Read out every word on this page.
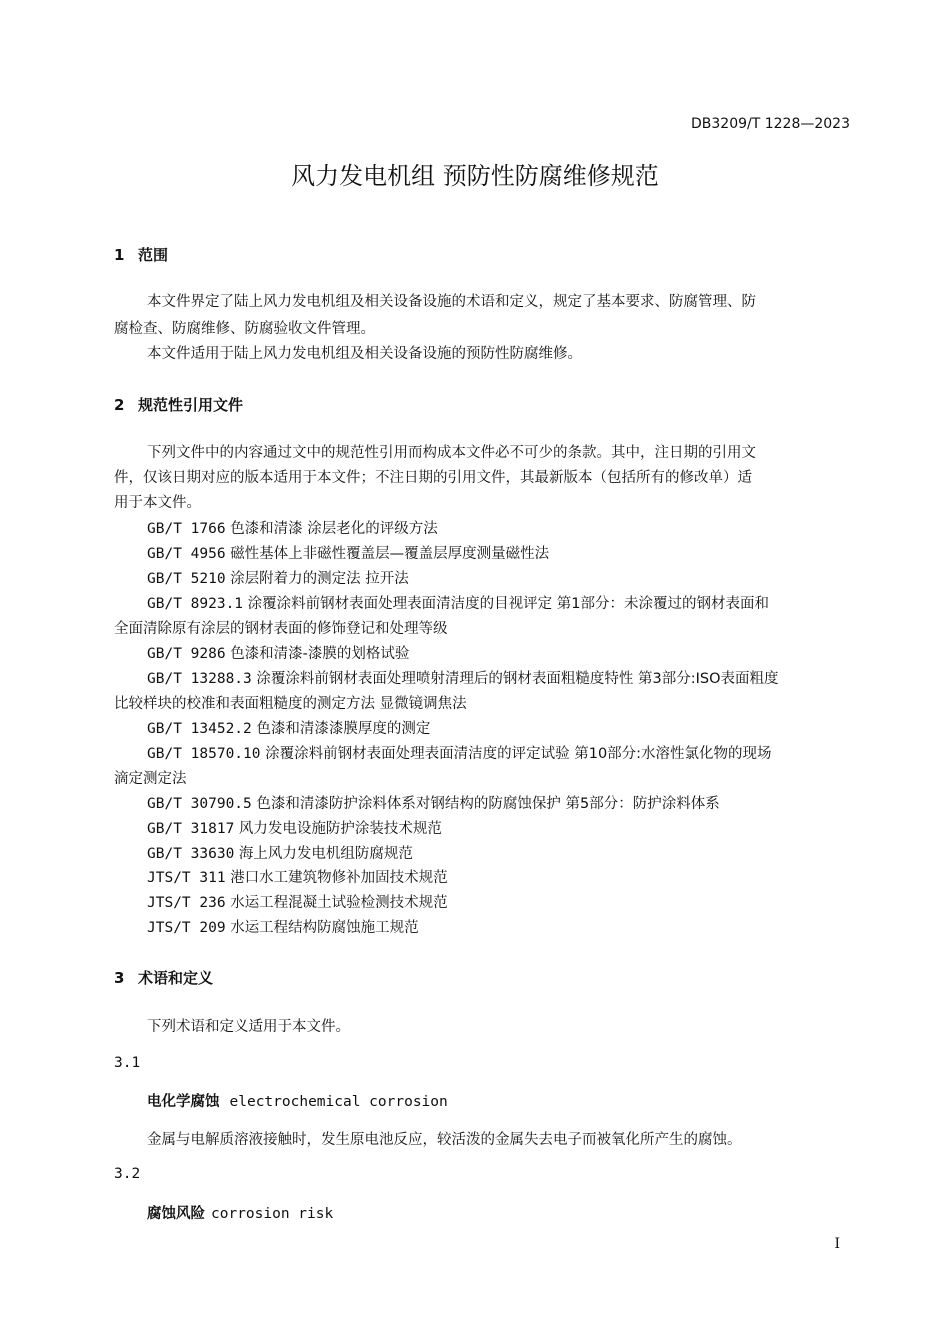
DB3209/T 1228—2023
风力发电机组 预防性防腐维修规范
1 范围
本文件界定了陆上风力发电机组及相关设备设施的术语和定义，规定了基本要求、防腐管理、防
腐检查、防腐维修、防腐验收文件管理。
本文件适用于陆上风力发电机组及相关设备设施的预防性防腐维修。
2 规范性引用文件
下列文件中的内容通过文中的规范性引用而构成本文件必不可少的条款。其中，注日期的引用文
件，仅该日期对应的版本适用于本文件；不注日期的引用文件，其最新版本（包括所有的修改单）适
用于本文件。
GB/T 1766 色漆和清漆 涂层老化的评级方法
GB/T 4956 磁性基体上非磁性覆盖层—覆盖层厚度测量磁性法
GB/T 5210 涂层附着力的测定法 拉开法
GB/T 8923.1 涂覆涂料前钢材表面处理表面清洁度的目视评定 第1部分：未涂覆过的钢材表面和
全面清除原有涂层的钢材表面的修饰登记和处理等级
GB/T 9286 色漆和清漆-漆膜的划格试验
GB/T 13288.3 涂覆涂料前钢材表面处理喷射清理后的钢材表面粗糙度特性 第3部分:ISO表面粗度
比较样块的校准和表面粗糙度的测定方法 显微镜调焦法
GB/T 13452.2 色漆和清漆漆膜厚度的测定
GB/T 18570.10 涂覆涂料前钢材表面处理表面清洁度的评定试验 第10部分:水溶性氯化物的现场
滴定测定法
GB/T 30790.5 色漆和清漆防护涂料体系对钢结构的防腐蚀保护 第5部分：防护涂料体系
GB/T 31817 风力发电设施防护涂装技术规范
GB/T 33630 海上风力发电机组防腐规范
JTS/T 311 港口水工建筑物修补加固技术规范
JTS/T 236 水运工程混凝土试验检测技术规范
JTS/T 209 水运工程结构防腐蚀施工规范
3 术语和定义
下列术语和定义适用于本文件。
3.1
电化学腐蚀 electrochemical corrosion
金属与电解质溶液接触时，发生原电池反应，较活泼的金属失去电子而被氧化所产生的腐蚀。
3.2
腐蚀风险 corrosion risk
I
